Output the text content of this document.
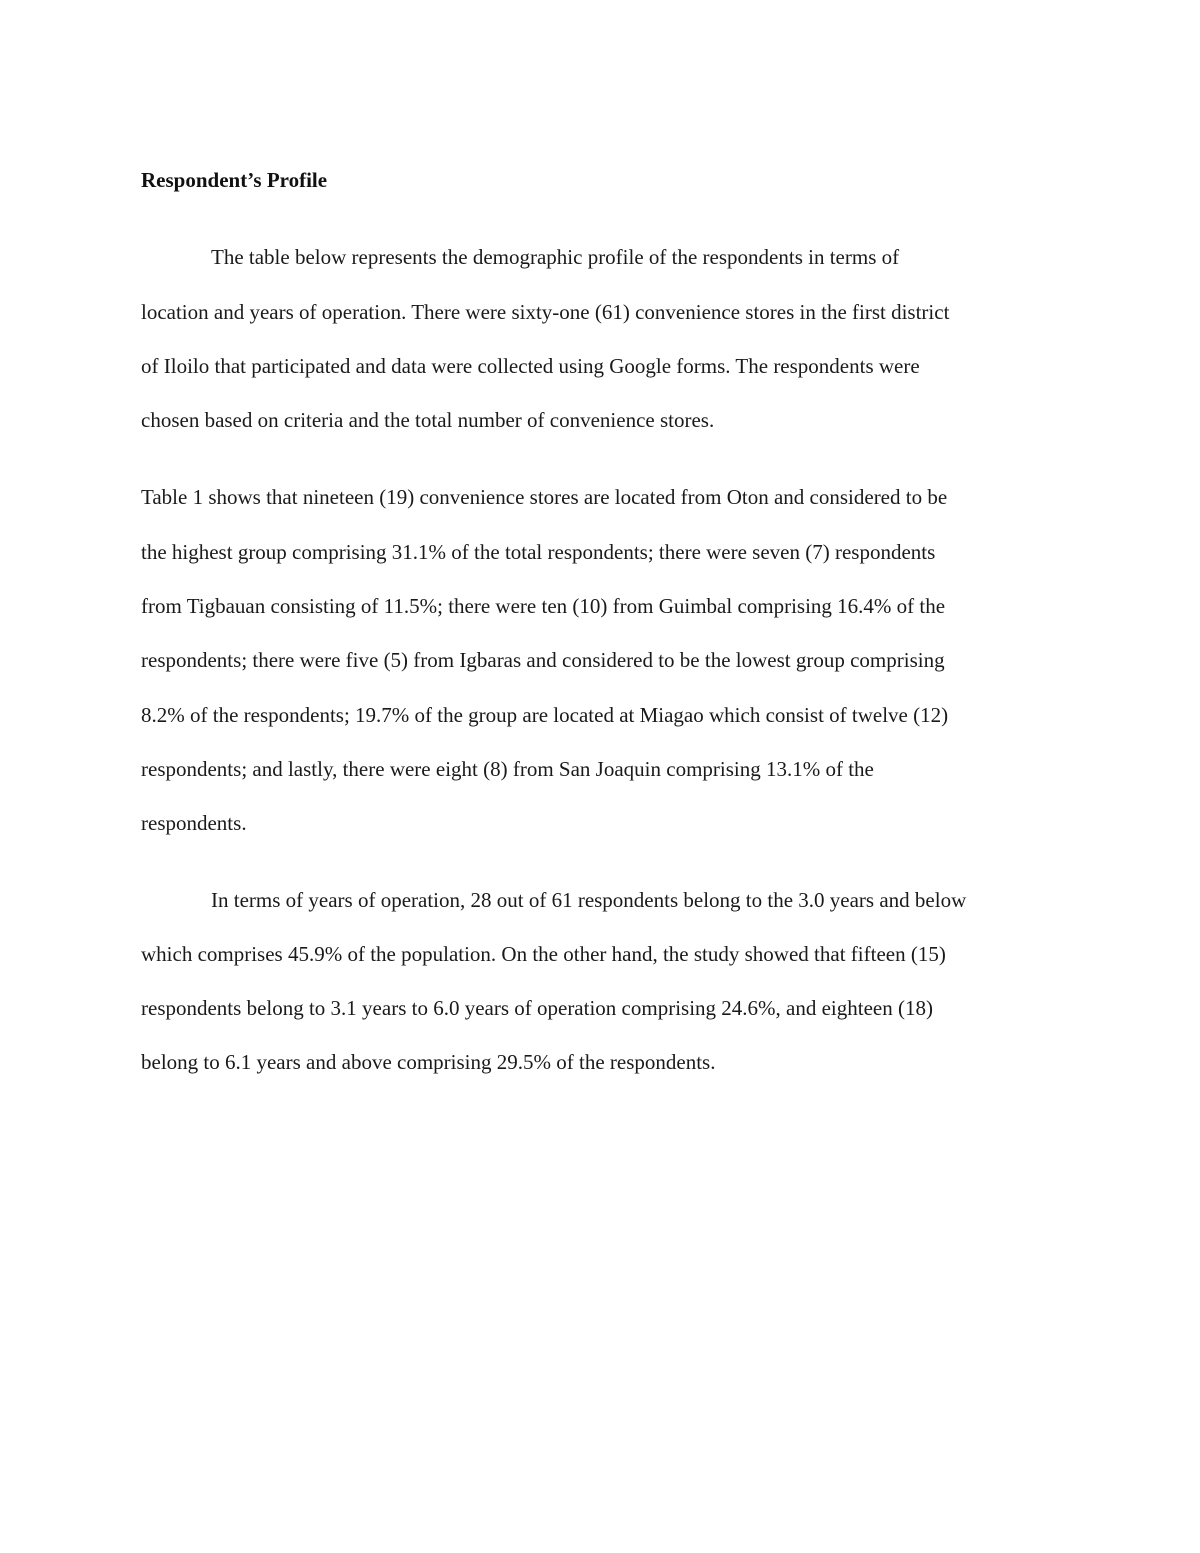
Respondent’s Profile
The table below represents the demographic profile of the respondents in terms of
location and years of operation. There were sixty-one (61) convenience stores in the first district
of Iloilo that participated and data were collected using Google forms. The respondents were
chosen based on criteria and the total number of convenience stores.
Table 1 shows that nineteen (19) convenience stores are located from Oton and considered to be
the highest group comprising 31.1% of the total respondents; there were seven (7) respondents
from Tigbauan consisting of 11.5%; there were ten (10) from Guimbal comprising 16.4% of the
respondents; there were five (5) from Igbaras and considered to be the lowest group comprising
8.2% of the respondents; 19.7% of the group are located at Miagao which consist of twelve (12)
respondents; and lastly, there were eight (8) from San Joaquin comprising 13.1% of the
respondents.
In terms of years of operation, 28 out of 61 respondents belong to the 3.0 years and below
which comprises 45.9% of the population. On the other hand, the study showed that fifteen (15)
respondents belong to 3.1 years to 6.0 years of operation comprising 24.6%, and eighteen (18)
belong to 6.1 years and above comprising 29.5% of the respondents.
